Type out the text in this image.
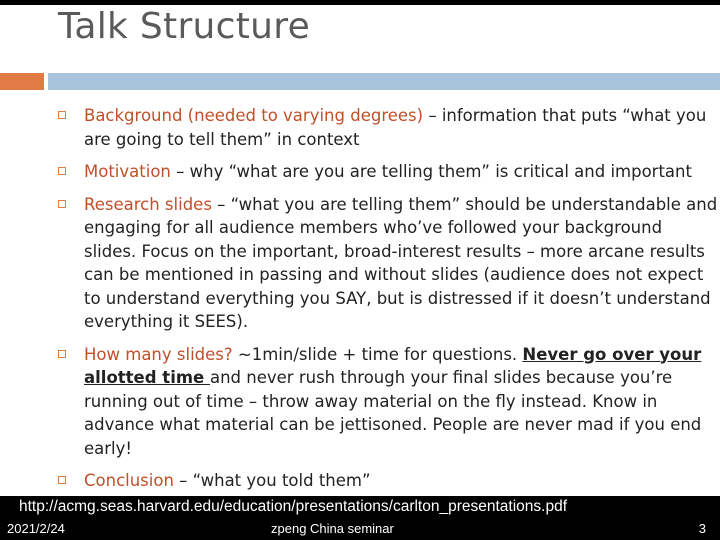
Talk Structure
Background (needed to varying degrees) – information that puts “what you are going to tell them” in context
Motivation – why “what are you are telling them” is critical and important
Research slides – “what you are telling them” should be understandable and engaging for all audience members who’ve followed your background slides. Focus on the important, broad-interest results – more arcane results can be mentioned in passing and without slides (audience does not expect to understand everything you SAY, but is distressed if it doesn’t understand everything it SEES).
How many slides? ~1min/slide + time for questions. Never go over your allotted time and never rush through your final slides because you’re running out of time – throw away material on the fly instead. Know in advance what material can be jettisoned. People are never mad if you end early!
Conclusion – “what you told them”
http://acmg.seas.harvard.edu/education/presentations/carlton_presentations.pdf
2021/2/24	zpeng China seminar	3
